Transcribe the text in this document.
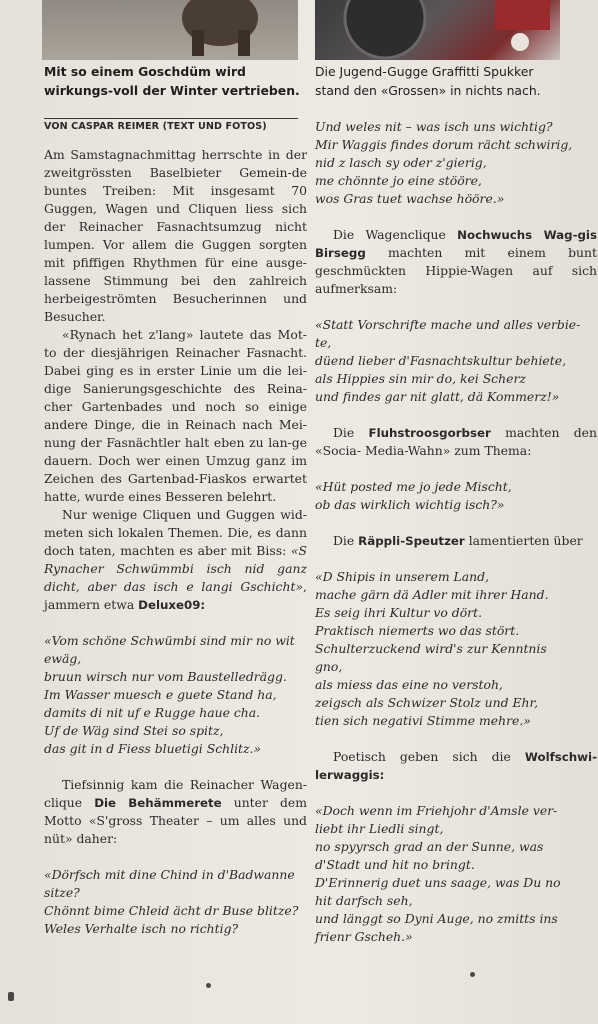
Mit so einem Goschdüm wird wirkungs-voll der Winter vertrieben.
Die Jugend-Gugge Graffitti Spukker stand den «Grossen» in nichts nach.
VON CASPAR REIMER (TEXT UND FOTOS)

Am Samstagnachmittag herrschte in der zweitgrössten Baselbieter Gemein-de buntes Treiben: Mit insgesamt 70 Guggen, Wagen und Cliquen liess sich der Reinacher Fasnachtsumzug nicht lumpen. Vor allem die Guggen sorgten mit pfiffigen Rhythmen für eine ausge-lassene Stimmung bei den zahlreich herbeigeströmten Besucherinnen und Besucher.

«Rynach het z'lang» lautete das Mot-to der diesjährigen Reinacher Fasnacht. Dabei ging es in erster Linie um die lei-dige Sanierungsgeschichte des Reina-cher Gartenbades und noch so einige andere Dinge, die in Reinach nach Mei-nung der Fasnächtler halt eben zu lan-ge dauern. Doch wer einen Umzug ganz im Zeichen des Gartenbad-Fiaskos erwartet hatte, wurde eines Besseren belehrt.

Nur wenige Cliquen und Guggen wid-meten sich lokalen Themen. Die, es dann doch taten, machten es aber mit Biss: «S Rynacher Schwümmbi isch nid ganz dicht, aber das isch e langi Gschicht», jammern etwa Deluxe09:

«Vom schöne Schwümbi sind mir no wit
ewäg,
bruun wirsch nur vom Baustelledrägg.
Im Wasser muesch e guete Stand ha,
damits di nit uf e Rugge haue cha.
Uf de Wäg sind Stei so spitz,
das git in d Fiess bluetigi Schlitz.»

Tiefsinnig kam die Reinacher Wagen-clique Die Behämmerete unter dem Motto «S'gross Theater – um alles und nüt» daher:

«Dörfsch mit dine Chind in d'Badwanne
sitze?
Chönnt bime Chleid ächt dr Buse blitze?
Weles Verhalte isch no richtig?
Und weles nit – was isch uns wichtig?
Mir Waggis findes dorum rächt schwirig,
nid z lasch sy oder z'gierig,
me chönnte jo eine stööre,
wos Gras tuet wachse hööre.»

Die Wagenclique Nochwuchs Wag-gis Birsegg machten mit einem bunt geschmückten Hippie-Wagen auf sich aufmerksam:

«Statt Vorschrifte mache und alles verbie-
te,
düend lieber d'Fasnachtskultur behiete,
als Hippies sin mir do, kei Scherz
und findes gar nit glatt, dä Kommerz!»

Die Fluhstroosgorbser machten den «Socia- Media-Wahn» zum Thema:

«Hüt posted me jo jede Mischt,
ob das wirklich wichtig isch?»

Die Räppli-Speutzer lamentierten über

«D Shipis in unserem Land,
mache gärn dä Adler mit ihrer Hand.
Es seig ihri Kultur vo dört.
Praktisch niemerts wo das stört.
Schulterzuckend wird's zur Kenntnis
gno,
als miess das eine no verstoh,
zeigsch als Schwizer Stolz und Ehr,
tien sich negativi Stimme mehre.»

Poetisch geben sich die Wolfschwi-lerwaggis:

«Doch wenn im Friehjohr d'Amsle ver-
liebt ihr Liedli singt,
no spyyrsch grad an der Sunne, was
d'Stadt und hit no bringt.
D'Erinnerig duet uns saage, was Du no
hit darfsch seh,
und länggt so Dyni Auge, no zmitts ins
frienr Gscheh.»
